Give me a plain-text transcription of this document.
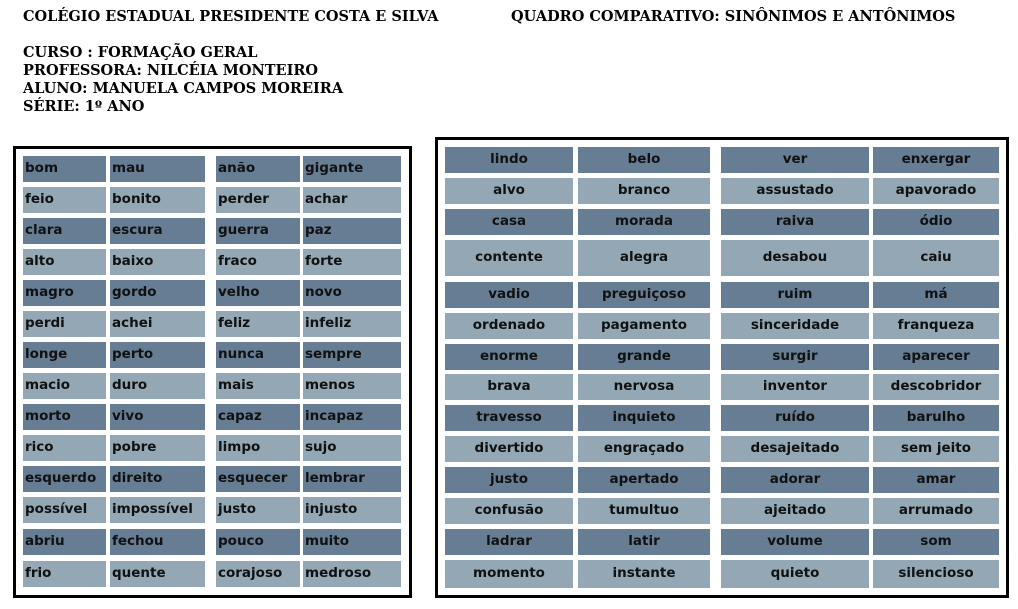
COLÉGIO ESTADUAL PRESIDENTE COSTA E SILVA
CURSO : FORMAÇÃO GERAL
PROFESSORA: NILCÉIA MONTEIRO
ALUNO: MANUELA CAMPOS MOREIRA
SÉRIE: 1º ANO
QUADRO COMPARATIVO: SINÔNIMOS E ANTÔNIMOS
bom	mau	anão	gigante
feio	bonito	perder	achar
clara	escura	guerra	paz
alto	baixo	fraco	forte
magro	gordo	velho	novo
perdi	achei	feliz	infeliz
longe	perto	nunca	sempre
macio	duro	mais	menos
morto	vivo	capaz	incapaz
rico	pobre	limpo	sujo
esquerdo	direito	esquecer	lembrar
possível	impossível	justo	injusto
abriu	fechou	pouco	muito
frio	quente	corajoso	medroso
lindo	belo	ver	enxergar
alvo	branco	assustado	apavorado
casa	morada	raiva	ódio
contente	alegra	desabou	caiu
vadio	preguiçoso	ruim	má
ordenado	pagamento	sinceridade	franqueza
enorme	grande	surgir	aparecer
brava	nervosa	inventor	descobridor
travesso	inquieto	ruído	barulho
divertido	engraçado	desajeitado	sem jeito
justo	apertado	adorar	amar
confusão	tumultuo	ajeitado	arrumado
ladrar	latir	volume	som
momento	instante	quieto	silencioso
